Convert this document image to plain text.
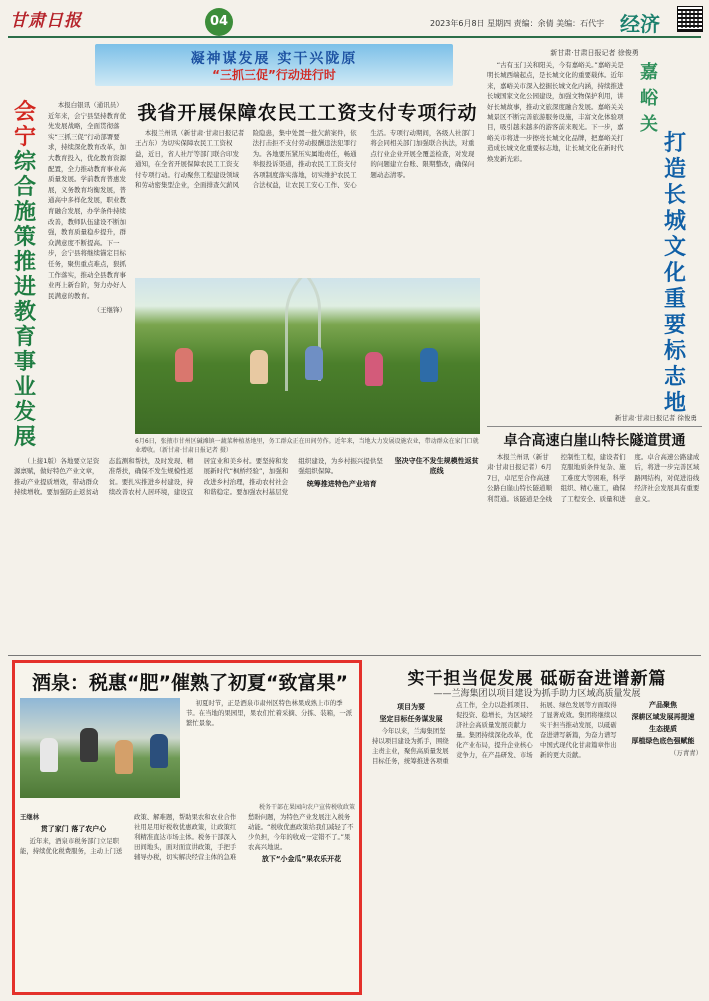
甘肃日报	04	2023年6月8日 星期四 责编：余倩 美编：石代宇 经济
凝神谋发展 实干兴陇原
“三抓三促”行动进行时
会宁综合施策推进教育事业发展

本报白银讯（通讯员）近年来，会宁县坚持教育优先发展战略，全面贯彻落实“三抓三促”行动部署要求，持续深化教育改革，加大教育投入，优化教育资源配置，全力推动教育事业高质量发展。学前教育普惠发展，义务教育均衡发展，普通高中多样化发展，职业教育融合发展，办学条件持续改善，教师队伍建设不断加强，教育质量稳步提升，群众满意度不断提高。下一步，会宁县将继续锚定目标任务，聚焦重点难点，狠抓工作落实，推动全县教育事业再上新台阶，努力办好人民满意的教育。

（王继锋）
我省开展保障农民工工资支付专项行动

本报兰州讯（新甘肃·甘肃日报记者王占东）为切实保障农民工工资权益，近日，省人社厅等部门联合印发通知，在全省开展保障农民工工资支付专项行动。行动聚焦工程建设领域和劳动密集型企业，全面排查欠薪风险隐患，集中处置一批欠薪案件，依法打击拒不支付劳动报酬违法犯罪行为。各地要压紧压实属地责任，畅通举报投诉渠道，推动农民工工资支付各项制度落实落地，切实维护农民工合法权益，让农民工安心工作、安心生活。专项行动期间，各级人社部门将会同相关部门加强联合执法，对重点行业企业开展全覆盖检查，对发现的问题建立台账、限期整改，确保问题动态清零。

6月6日，张掖市甘州区碱滩镇一蔬菜种植基地里，务工群众正在田间劳作。近年来，当地大力发展设施农业，带动群众在家门口就业增收。（新甘肃·甘肃日报记者 摄）
新甘肃·甘肃日报记者 徐俊勇

“古有玉门关和阳关，今有嘉峪关。”嘉峪关是明长城西端起点，是长城文化的重要载体。近年来，嘉峪关市深入挖掘长城文化内涵，持续推进长城国家文化公园建设，加强文物保护利用，讲好长城故事，推动文旅深度融合发展。嘉峪关关城景区不断完善旅游服务设施，丰富文化体验项目，吸引越来越多的游客前来观光。下一步，嘉峪关市将进一步擦亮长城文化品牌，把嘉峪关打造成长城文化重要标志地，让长城文化在新时代焕发新光彩。

嘉峪关
打造长城文化重要标志地
新甘肃·甘肃日报记者 徐俊勇
卓合高速白崖山特长隧道贯通

本报兰州讯（新甘肃·甘肃日报记者）6月7日，卓尼至合作高速公路白崖山特长隧道顺利贯通。该隧道是全线控制性工程，建设者们克服地质条件复杂、施工难度大等困难，科学组织、精心施工，确保了工程安全、质量和进度。卓合高速公路建成后，将进一步完善区域路网结构，对促进沿线经济社会发展具有重要意义。

（上接1版）各地要立足资源禀赋，做好特色产业文章，推动产业提质增效，带动群众持续增收。要加强防止返贫动态监测和帮扶，及时发现、精准帮扶，确保不发生规模性返贫。要扎实推进乡村建设，持续改善农村人居环境，建设宜居宜业和美乡村。要坚持和发展新时代“枫桥经验”，加强和改进乡村治理，推动农村社会和谐稳定。要加强农村基层党组织建设，为乡村振兴提供坚强组织保障。

统筹推进特色产业培育
坚决守住不发生规模性返贫底线
酒泉：税惠“肥”催熟了初夏“致富果”

初夏时节，正是酒泉市肃州区特色林果成熟上市的季节。在当地的果园里，果农们忙着采摘、分拣、装箱，一派繁忙景象。

税务干部在果园向农户宣传税收政策
王继林
贯了家门 落了农户心

近年来，酒泉市税务部门立足职能，持续优化税费服务，主动上门送政策、解难题，帮助果农和农业合作社用足用好税收优惠政策，让政策红利精准直达市场主体。税务干部深入田间地头，面对面宣讲政策，手把手辅导办税，切实解决经营主体的急难愁盼问题，为特色产业发展注入税务动能。“税收优惠政策给我们减轻了不少负担，今年的收成一定错不了。”果农高兴地说。

放下“小金瓜”果农乐开花
实干担当促发展 砥砺奋进谱新篇
——兰海集团以项目建设为抓手助力区域高质量发展
项目为要
坚定目标任务谋发展

今年以来，兰海集团坚持以项目建设为抓手，围绕主责主业，聚焦高质量发展目标任务，统筹推进各项重点工作，全力以赴抓项目、促投资、稳增长，为区域经济社会高质量发展贡献力量。集团持续深化改革，优化产业布局，提升企业核心竞争力，在产品研发、市场拓展、绿色发展等方面取得了显著成效。集团将继续以实干担当推动发展，以砥砺奋进谱写新篇，为奋力谱写中国式现代化甘肃篇章作出新的更大贡献。

产品聚焦
深耕区域发展再提速
生态提质
厚植绿色底色强赋能
（万青青）
